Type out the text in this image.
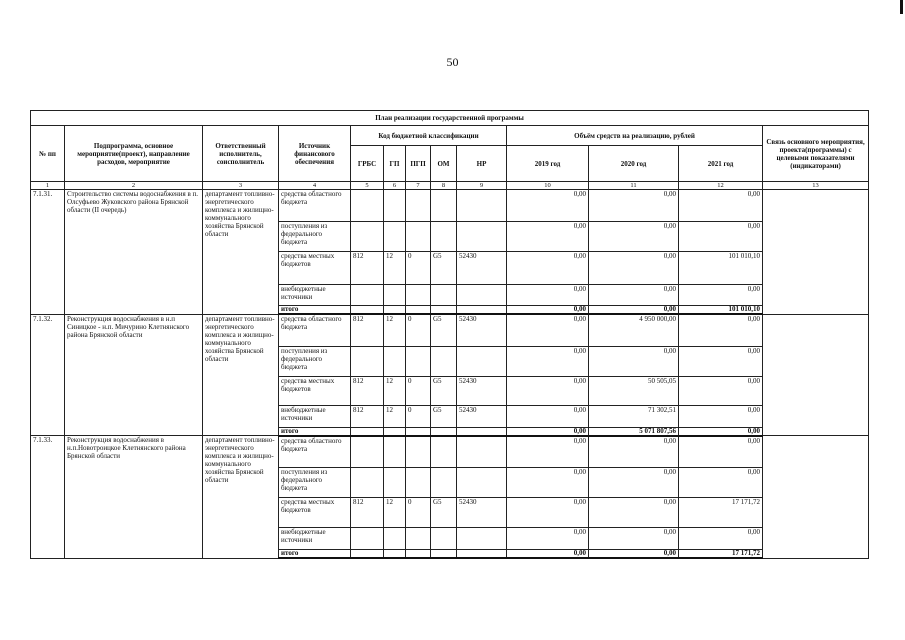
50
План реализации государственной программы												
№ пп	Подпрограмма, основное мероприятие(проект), направление расходов, мероприятие	Ответственный исполнитель, соисполнитель	Источник финансового обеспечения	Код бюджетной классификации					Объём средств на реализацию, рублей			Связь основного мероприятия, проекта(программы) с целевыми показателями (индикаторами)
				ГРБС	ГП	ПГП	ОМ	НР	2019 год	2020 год	2021 год	
1	2	3	4	5	6	7	8	9	10	11	12	13
7.1.31.	Строительство системы водоснабжения в п. Олсуфьево Жуковского района Брянской области (II очередь)	департамент топливно-энергетического комплекса и жилищно-коммунального хозяйства Брянской области	средства областного бюджета						0,00	0,00	0,00	
			поступления из федерального бюджета						0,00	0,00	0,00	
			средства местных бюджетов	812	12	0	G5	52430	0,00	0,00	101 010,10	
			внебюджетные источники						0,00	0,00	0,00	
			итого						0,00	0,00	101 010,10	
7.1.32.	Реконструкция водоснабжения в н.п Синицкое - н.п. Мичурино Клетнянского района Брянской области	департамент топливно-энергетического комплекса и жилищно-коммунального хозяйства Брянской области	средства областного бюджета	812	12	0	G5	52430	0,00	4 950 000,00	0,00	
			поступления из федерального бюджета						0,00	0,00	0,00	
			средства местных бюджетов	812	12	0	G5	52430	0,00	50 505,05	0,00	
			внебюджетные источники	812	12	0	G5	52430	0,00	71 302,51	0,00	
			итого						0,00	5 071 807,56	0,00	
7.1.33.	Реконструкция водоснабжения в н.п.Новотроицкое Клетнянского района Брянской области	департамент топливно-энергетического комплекса и жилищно-коммунального хозяйства Брянской области	средства областного бюджета						0,00	0,00	0,00	
			поступления из федерального бюджета						0,00	0,00	0,00	
			средства местных бюджетов	812	12	0	G5	52430	0,00	0,00	17 171,72	
			внебюджетные источники						0,00	0,00	0,00	
			итого						0,00	0,00	17 171,72	
